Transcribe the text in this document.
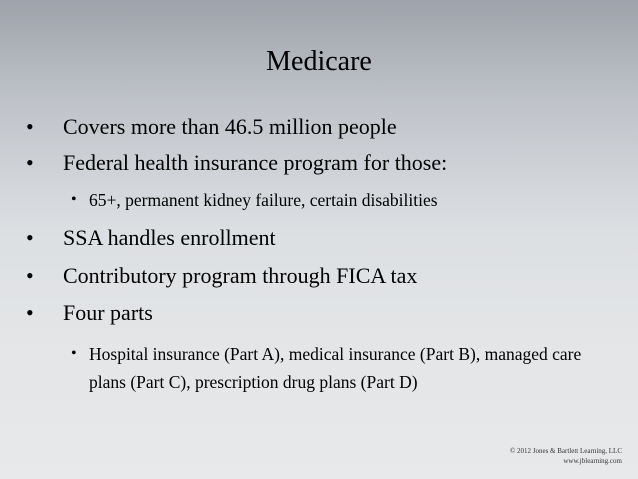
Medicare
•	Covers more than 46.5 million people
•	Federal health insurance program for those:
• 65+, permanent kidney failure, certain disabilities
•	SSA handles enrollment
•	Contributory program through FICA tax
•	Four parts
• Hospital insurance (Part A), medical insurance (Part B), managed care plans (Part C), prescription drug plans (Part D)
© 2012 Jones & Bartlett Learning, LLC
www.jblearning.com
